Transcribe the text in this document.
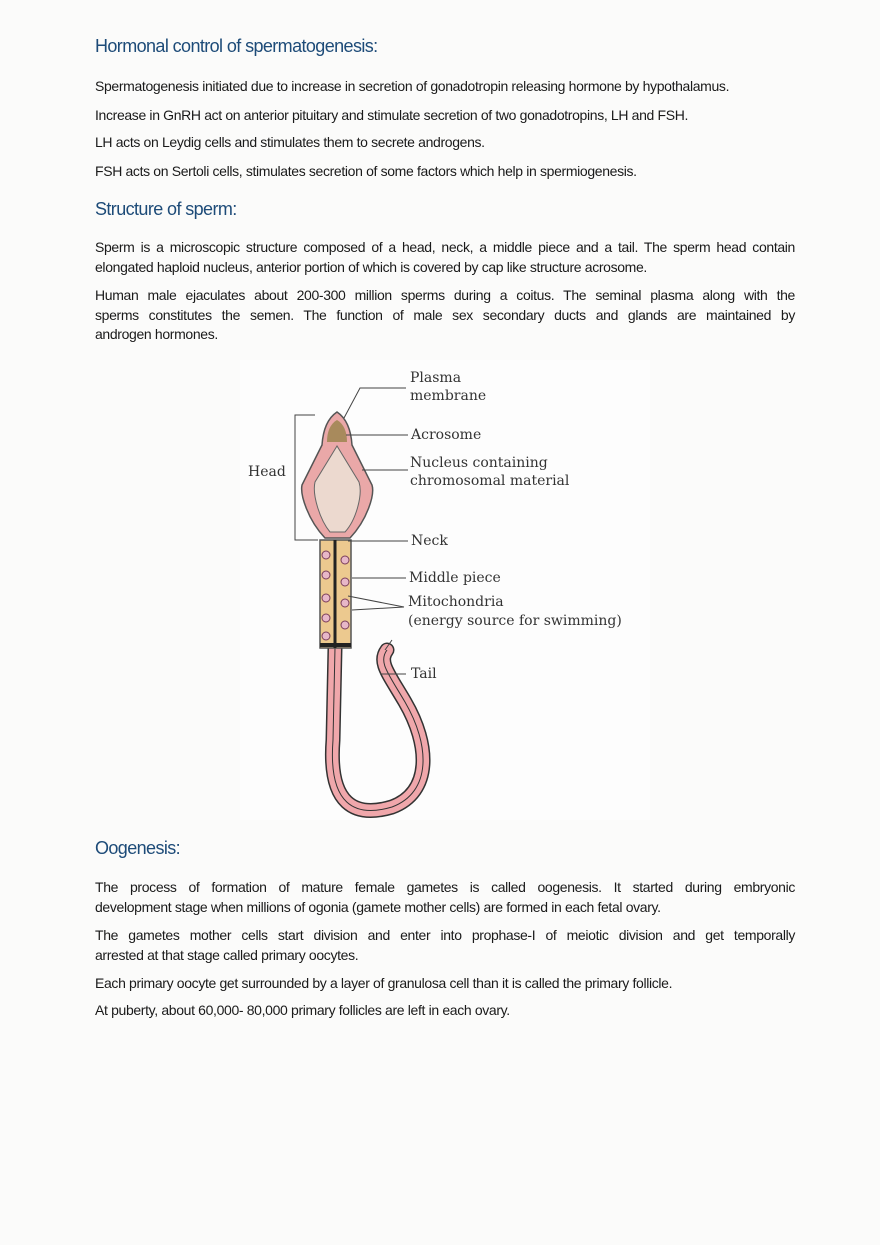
Hormonal control of spermatogenesis:
Spermatogenesis initiated due to increase in secretion of gonadotropin releasing hormone by hypothalamus.
Increase in GnRH act on anterior pituitary and stimulate secretion of two gonadotropins, LH and FSH.
LH acts on Leydig cells and stimulates them to secrete androgens.
FSH acts on Sertoli cells, stimulates secretion of some factors which help in spermiogenesis.
Structure of sperm:
Sperm is a microscopic structure composed of a head, neck, a middle piece and a tail. The sperm head contain
elongated haploid nucleus, anterior portion of which is covered by cap like structure acrosome.
Human male ejaculates about 200-300 million sperms during a coitus. The seminal plasma along with the
sperms constitutes the semen. The function of male sex secondary ducts and glands are maintained by
androgen hormones.
Plasma
membrane
Acrosome
Nucleus containing
chromosomal material
Neck
Middle piece
Mitochondria
(energy source for swimming)
Tail
Head
Oogenesis:
The process of formation of mature female gametes is called oogenesis. It started during embryonic
development stage when millions of ogonia (gamete mother cells) are formed in each fetal ovary.
The gametes mother cells start division and enter into prophase-I of meiotic division and get temporally
arrested at that stage called primary oocytes.
Each primary oocyte get surrounded by a layer of granulosa cell than it is called the primary follicle.
At puberty, about 60,000- 80,000 primary follicles are left in each ovary.
